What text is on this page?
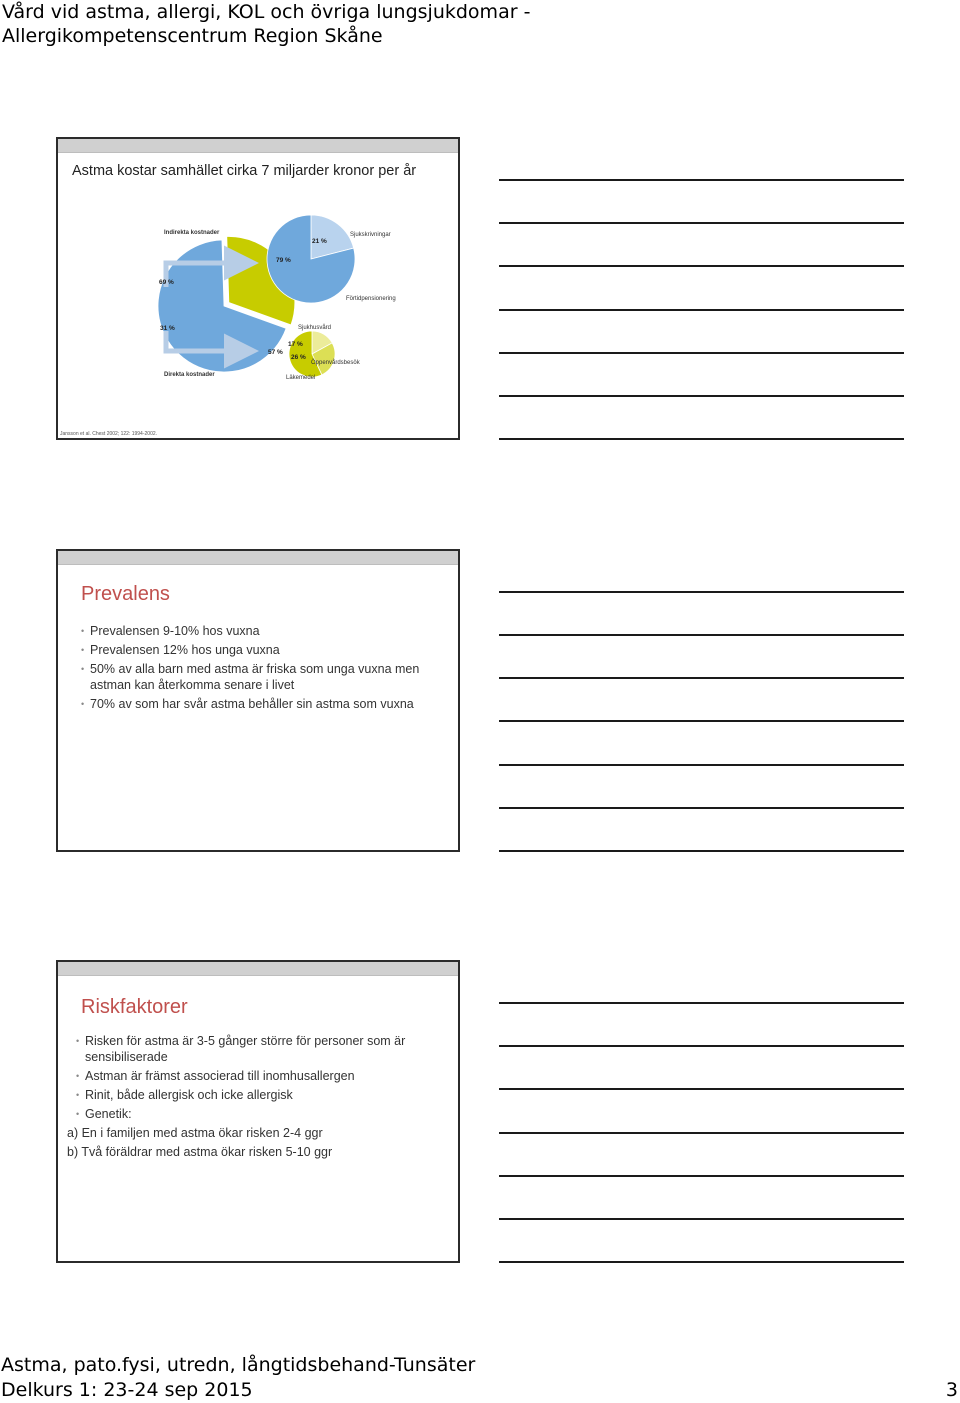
Vård vid astma, allergi, KOL och övriga lungsjukdomar -
Allergikompetenscentrum Region Skåne
Astma kostar samhället cirka 7 miljarder kronor per år
Indirekta kostnader
Direkta kostnader
69 %
31 %
21 %
79 %
Sjukskrivningar
Förtidpensionering
Sjukhusvård
17 %
26 %
57 %
Öppenvårdsbesök
Läkemedel
Jansson et al. Chest 2002; 122: 1994-2002.
Prevalens
• Prevalensen 9-10% hos vuxna
• Prevalensen 12% hos unga vuxna
• 50% av alla barn med astma är friska som unga vuxna men astman kan återkomma senare i livet
• 70% av som har svår astma behåller sin astma som vuxna
Riskfaktorer
• Risken för astma är 3-5 gånger större för personer som är sensibiliserade
• Astman är främst associerad till inomhusallergen
• Rinit, både allergisk och icke allergisk
• Genetik:
a) En i familjen med astma ökar risken 2-4 ggr
b) Två föräldrar med astma ökar risken 5-10 ggr
Astma, pato.fysi, utredn, långtidsbehand-Tunsäter
Delkurs 1: 23-24 sep 2015	3
